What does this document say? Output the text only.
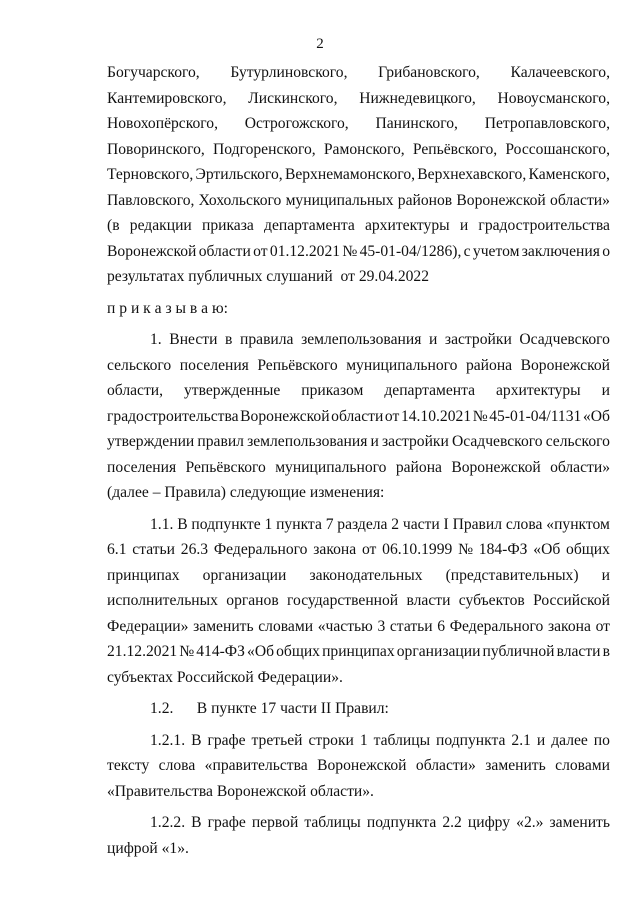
2
Богучарского, Бутурлиновского, Грибановского, Калачеевского,
Кантемировского, Лискинского, Нижнедевицкого, Новоусманского,
Новохопёрского, Острогожского, Панинского, Петропавловского,
Поворинского, Подгоренского, Рамонского, Репьёвского, Россошанского,
Терновского, Эртильского, Верхнемамонского, Верхнехавского, Каменского,
Павловского, Хохольского муниципальных районов Воронежской области»
(в редакции приказа департамента архитектуры и градостроительства
Воронежской области от 01.12.2021 № 45-01-04/1286), с учетом заключения о
результатах публичных слушаний  от 29.04.2022
п р и к а з ы в а ю:
1. Внести в правила землепользования и застройки Осадчевского
сельского поселения Репьёвского муниципального района Воронежской
области, утвержденные приказом департамента архитектуры и
градостроительства Воронежской области от 14.10.2021 № 45-01-04/1131 «Об
утверждении правил землепользования и застройки Осадчевского сельского
поселения Репьёвского муниципального района Воронежской области»
(далее – Правила) следующие изменения:
1.1. В подпункте 1 пункта 7 раздела 2 части I Правил слова «пунктом
6.1 статьи 26.3 Федерального закона от 06.10.1999 № 184-ФЗ «Об общих
принципах организации законодательных (представительных) и
исполнительных органов государственной власти субъектов Российской
Федерации» заменить словами «частью 3 статьи 6 Федерального закона от
21.12.2021 № 414-ФЗ «Об общих принципах организации публичной власти в
субъектах Российской Федерации».
1.2.      В пункте 17 части II Правил:
1.2.1. В графе третьей строки 1 таблицы подпункта 2.1 и далее по
тексту слова «правительства Воронежской области» заменить словами
«Правительства Воронежской области».
1.2.2. В графе первой таблицы подпункта 2.2 цифру «2.» заменить
цифрой «1».
